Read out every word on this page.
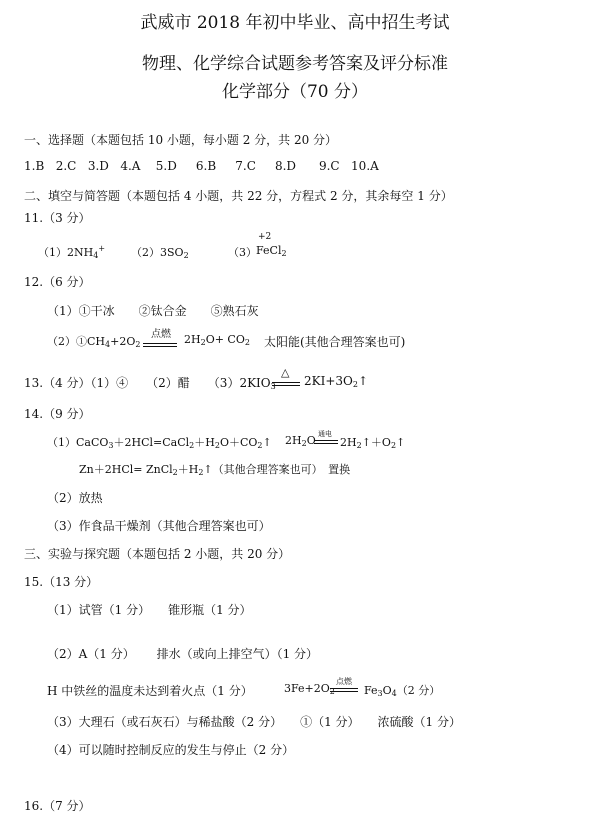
武威市 2018 年初中毕业、高中招生考试
物理、化学综合试题参考答案及评分标准
化学部分（70 分）
一、选择题（本题包括 10 小题，每小题 2 分，共 20 分）
1.B 2.C 3.D 4.A 5.D 6.B 7.C 8.D 9.C 10.A
二、填空与简答题（本题包括 4 小题，共 22 分，方程式 2 分，其余每空 1 分）
11.（3 分）
$(1)2NH_4^+$ $(2)3SO_2$	（3）
+2
FeCl$_2$
12.（6 分）
（1）①干冰　　②钛合金　　⑤熟石灰
$(2)①CH_4+2O_2$
点燃 $2H_2O+ CO_2$ 太阳能(其他合理答案也可)
13.（4 分）（1）④　　（2）醋　　$(3)2KIO_3$
△
$2KI+3O_2↑$
14.（9 分）
$(1)CaCO_3+2HCl=CaCl_2+H_2O+CO_2↑$ $2H_2O$ 通电
$2H_2↑+O_2↑$
$Zn+2HCl= ZnCl_2+H_2↑$（其他合理答案也可）　置换
（2）放热
（3）作食品干燥剂（其他合理答案也可）
三、实验与探究题（本题包括 2 小题，共 20 分）
15.（13 分）
（1）试管（1 分）　　锥形瓶（1 分）
（2）A（1 分）　　 排水（或向上排空气）（1 分）
H 中铁丝的温度未达到着火点（1 分）	$3Fe+2O_2$
点燃
$Fe_3O_4(2$ 分）
（3）大理石（或石灰石）与稀盐酸（2 分）　　①（1 分）　　浓硫酸（1 分）
（4）可以随时控制反应的发生与停止（2 分）
16.（7 分）
